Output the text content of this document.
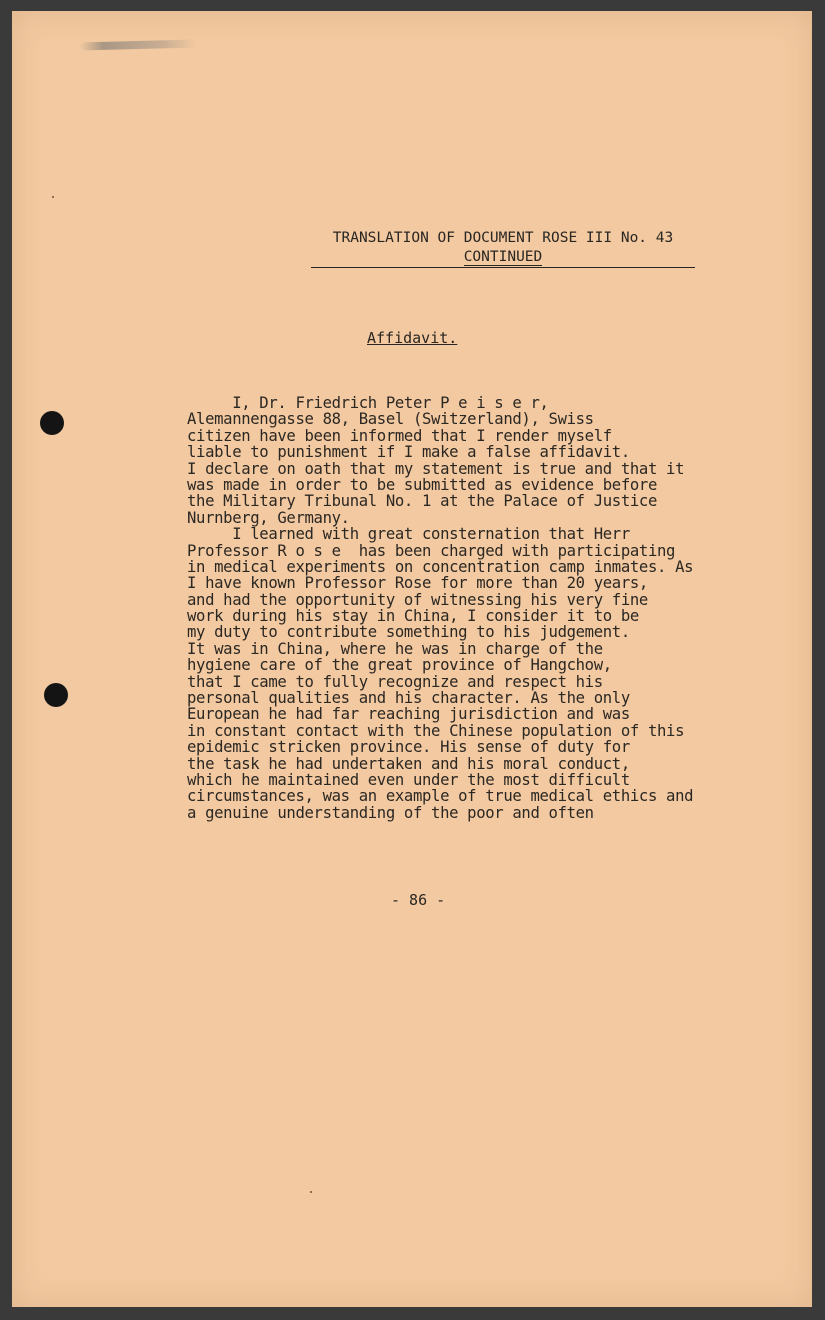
TRANSLATION OF DOCUMENT ROSE III No. 43
CONTINUED
Affidavit.
I, Dr. Friedrich Peter P e i s e r,
Alemannengasse 88, Basel (Switzerland), Swiss
citizen have been informed that I render myself
liable to punishment if I make a false affidavit.
I declare on oath that my statement is true and that it
was made in order to be submitted as evidence before
the Military Tribunal No. 1 at the Palace of Justice
Nurnberg, Germany.
I learned with great consternation that Herr
Professor R o s e  has been charged with participating
in medical experiments on concentration camp inmates. As
I have known Professor Rose for more than 20 years,
and had the opportunity of witnessing his very fine
work during his stay in China, I consider it to be
my duty to contribute something to his judgement.
It was in China, where he was in charge of the
hygiene care of the great province of Hangchow,
that I came to fully recognize and respect his
personal qualities and his character. As the only
European he had far reaching jurisdiction and was
in constant contact with the Chinese population of this
epidemic stricken province. His sense of duty for
the task he had undertaken and his moral conduct,
which he maintained even under the most difficult
circumstances, was an example of true medical ethics and
a genuine understanding of the poor and often
- 86 -
